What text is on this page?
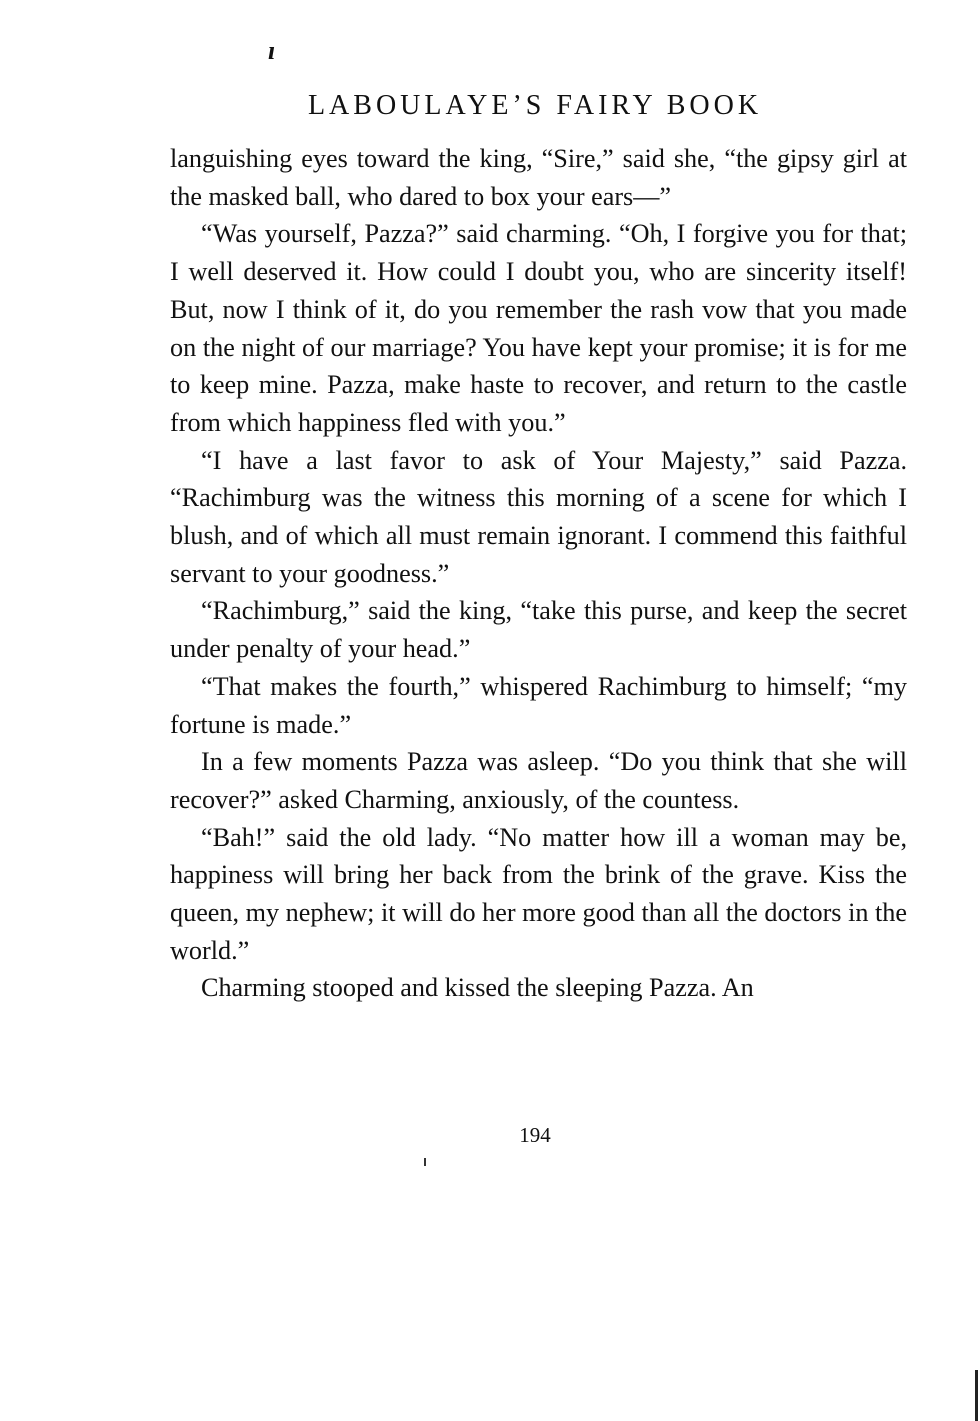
ı
LABOULAYE’S FAIRY BOOK

languishing eyes toward the king, “Sire,” said she, “the gipsy girl at the masked ball, who dared to box your ears—”

“Was yourself, Pazza?” said charming. “Oh, I forgive you for that; I well deserved it. How could I doubt you, who are sincerity itself! But, now I think of it, do you remember the rash vow that you made on the night of our marriage? You have kept your promise; it is for me to keep mine. Pazza, make haste to recover, and return to the castle from which happiness fled with you.”

“I have a last favor to ask of Your Majesty,” said Pazza. “Rachimburg was the witness this morning of a scene for which I blush, and of which all must remain ignorant. I commend this faithful servant to your goodness.”

“Rachimburg,” said the king, “take this purse, and keep the secret under penalty of your head.”

“That makes the fourth,” whispered Rachimburg to himself; “my fortune is made.”

In a few moments Pazza was asleep. “Do you think that she will recover?” asked Charming, anxiously, of the countess.

“Bah!” said the old lady. “No matter how ill a woman may be, happiness will bring her back from the brink of the grave. Kiss the queen, my nephew; it will do her more good than all the doctors in the world.”

Charming stooped and kissed the sleeping Pazza. An

194
